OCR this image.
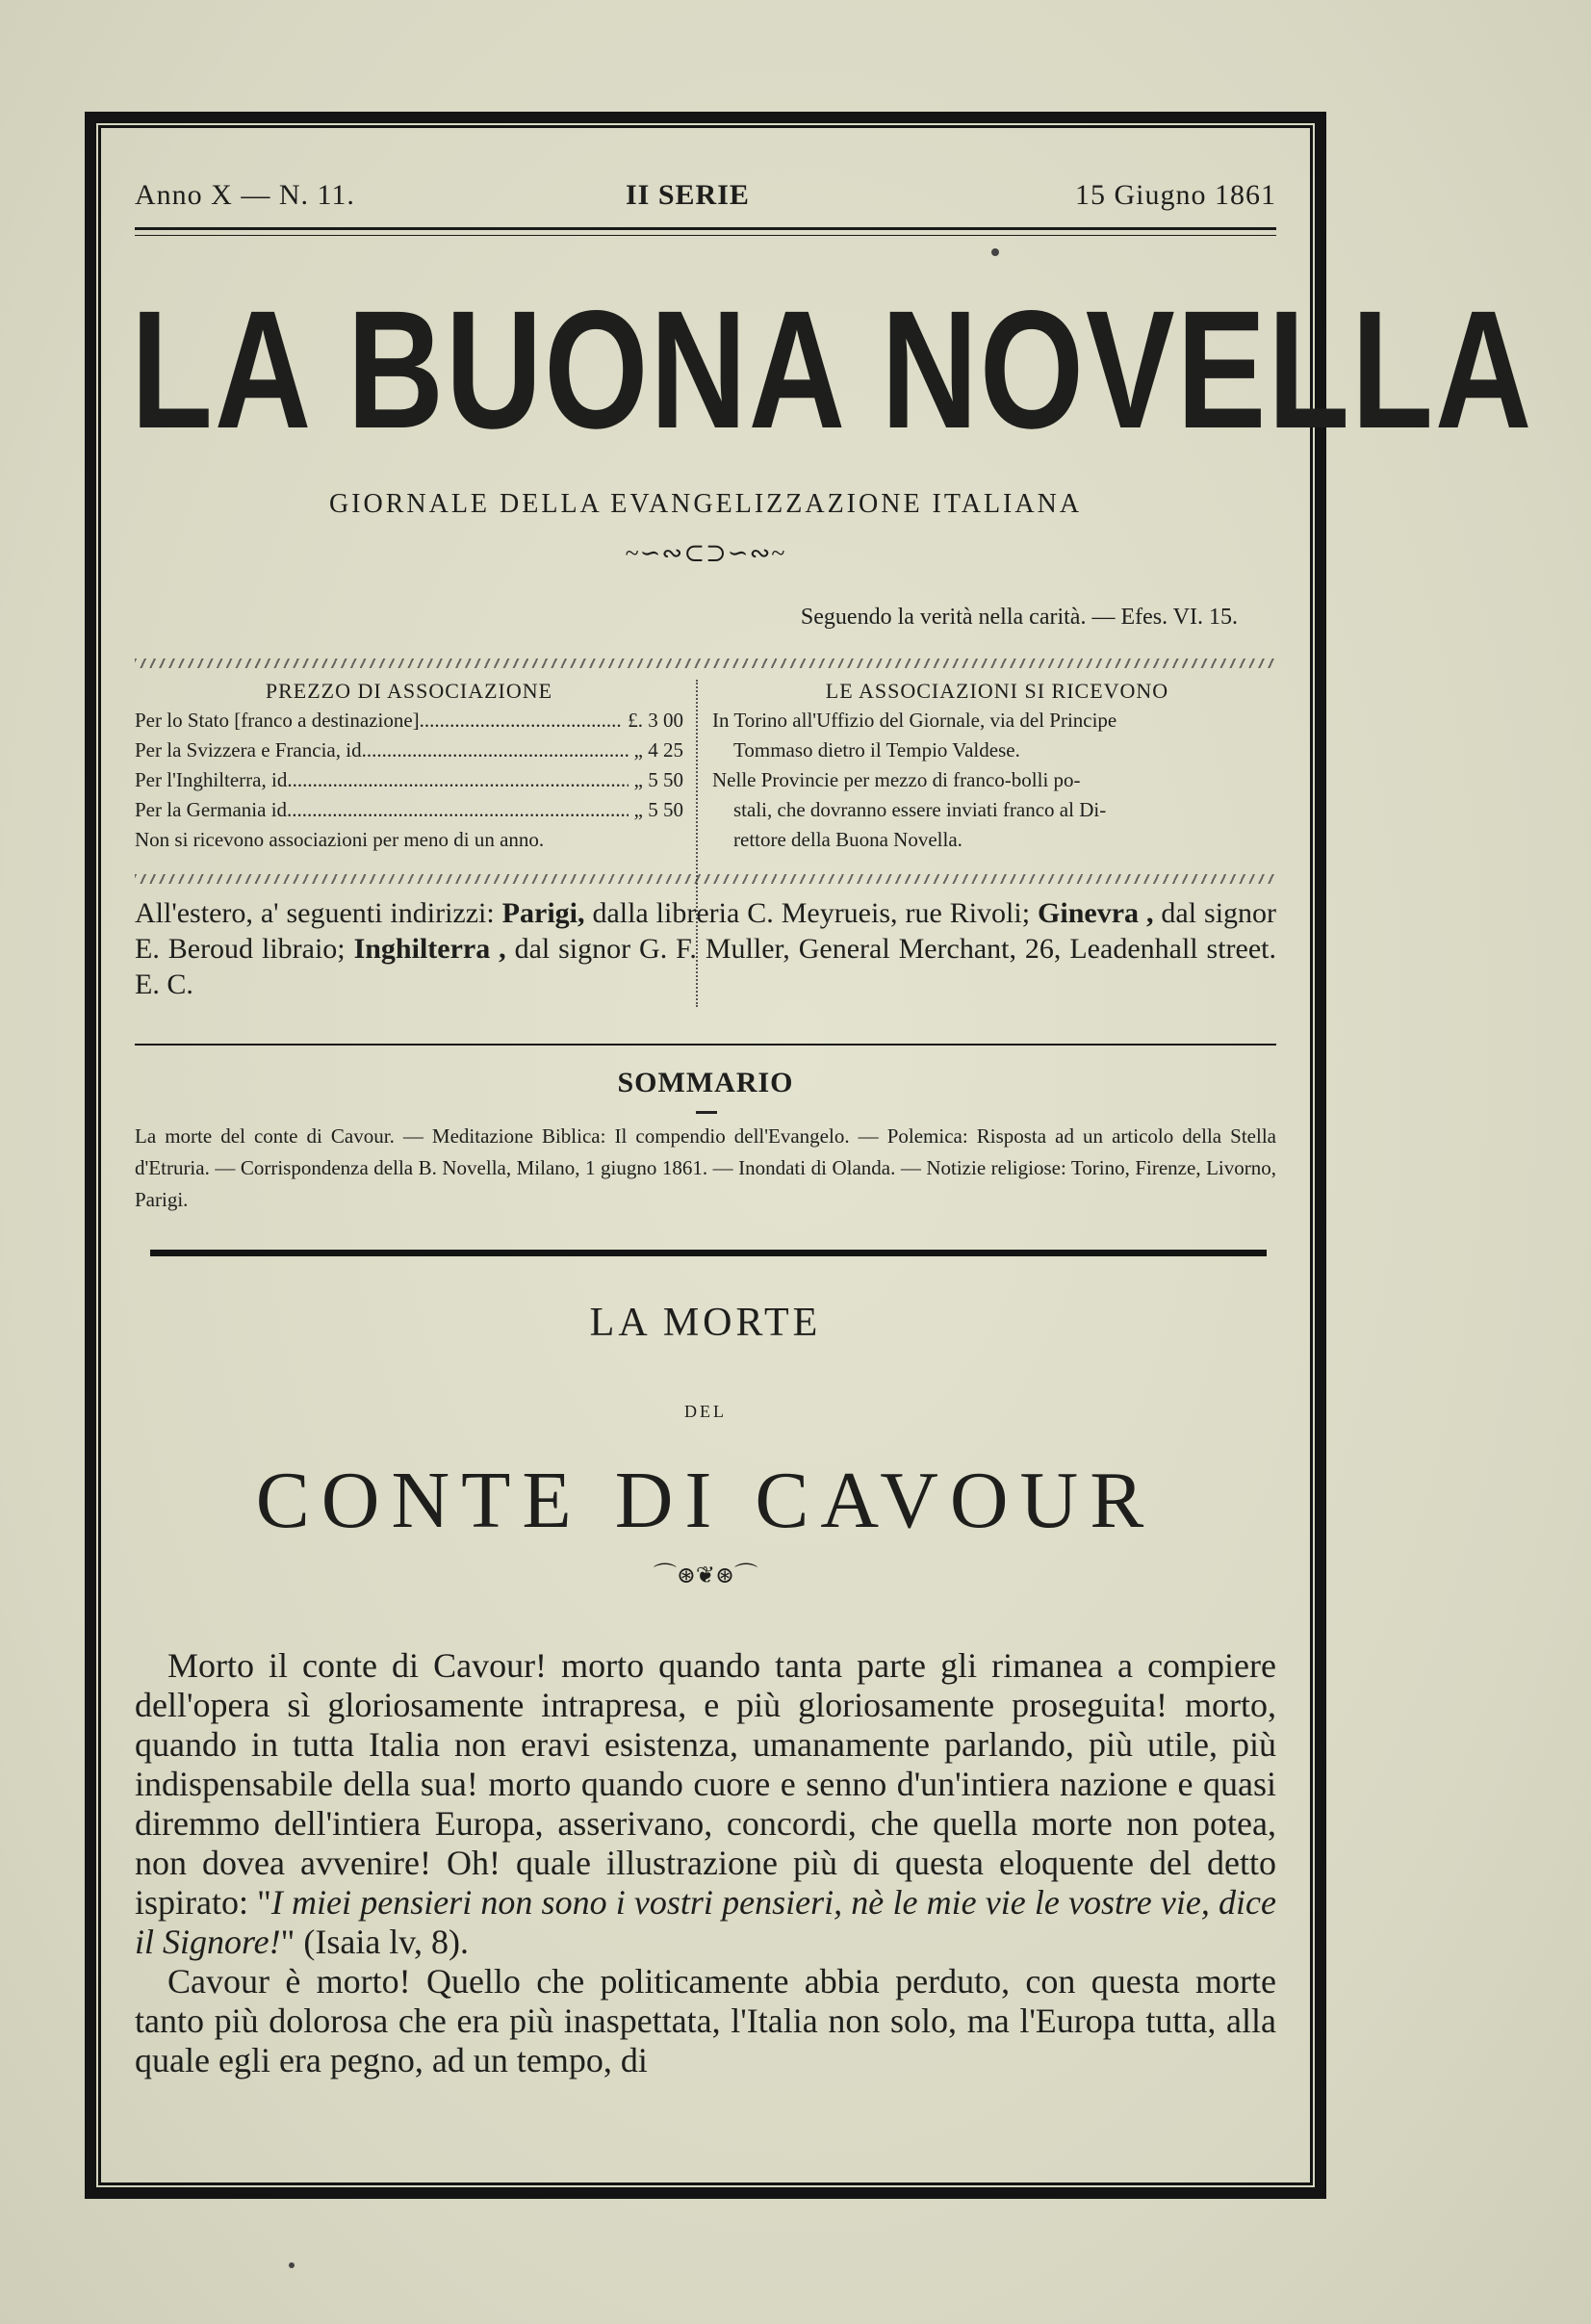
Anno X — N. 11.	II SERIE	15 Giugno 1861
LA BUONA NOVELLA
GIORNALE DELLA EVANGELIZZAZIONE ITALIANA
~∽∾⊂⊃∽∾~
Seguendo la verità nella carità. — Efes. VI. 15.
PREZZO DI ASSOCIAZIONE
Per lo Stato [franco a destinazione] .....	£. 3 00
Per la Svizzera e Francia, id. .....	„ 4 25
Per l'Inghilterra, id. .....	„ 5 50
Per la Germania id. .....	„ 5 50
Non si ricevono associazioni per meno di un anno.
LE ASSOCIAZIONI SI RICEVONO
In Torino all'Uffizio del Giornale, via del Principe
Tommaso dietro il Tempio Valdese.
Nelle Provincie per mezzo di franco-bolli po-
stali, che dovranno essere inviati franco al Di-
rettore della Buona Novella.
All'estero, a' seguenti indirizzi: Parigi, dalla libreria C. Meyrueis, rue Rivoli; Ginevra , dal signor E. Beroud libraio; Inghilterra , dal signor G. F. Muller, General Merchant, 26, Leadenhall street. E. C.
SOMMARIO
La morte del conte di Cavour. — Meditazione Biblica: Il compendio dell'Evangelo. — Polemica: Risposta ad un articolo della Stella d'Etruria. — Corrispondenza della B. Novella, Milano, 1 giugno 1861. — Inondati di Olanda. — Notizie religiose: Torino, Firenze, Livorno, Parigi.
LA MORTE
DEL
CONTE DI CAVOUR
⌒⊛❦⊛⌒

Morto il conte di Cavour! morto quando tanta parte gli rimanea a compiere dell'opera sì gloriosamente intrapresa, e più gloriosamente proseguita! morto, quando in tutta Italia non eravi esistenza, umanamente parlando, più utile, più indispensabile della sua! morto quando cuore e senno d'un'intiera nazione e quasi diremmo dell'intiera Europa, asserivano, concordi, che quella morte non potea, non dovea avvenire! Oh! quale illustrazione più di questa eloquente del detto ispirato: "I miei pensieri non sono i vostri pensieri, nè le mie vie le vostre vie, dice il Signore!" (Isaia lv, 8).

Cavour è morto! Quello che politicamente abbia perduto, con questa morte tanto più dolorosa che era più inaspettata, l'Italia non solo, ma l'Europa tutta, alla quale egli era pegno, ad un tempo, di
